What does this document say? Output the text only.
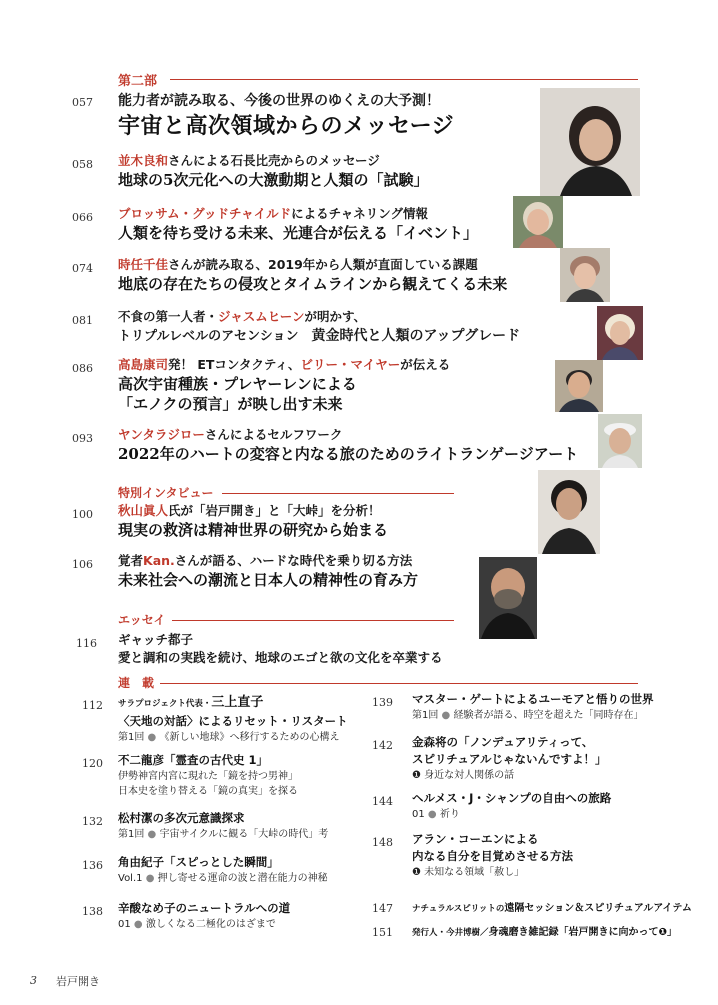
第二部
057 能力者が読み取る、今後の世界のゆくえの大予測！
宇宙と高次領域からのメッセージ
058 並木良和さんによる石長比売からのメッセージ
地球の5次元化への大激動期と人類の「試験」
066 ブロッサム・グッドチャイルドによるチャネリング情報
人類を待ち受ける未来、光連合が伝える「イベント」
074 時任千佳さんが読み取る、2019年から人類が直面している課題
地底の存在たちの侵攻とタイムラインから観えてくる未来
081 不食の第一人者・ジャスムヒーンが明かす、
トリプルレベルのアセンション　 黄金時代と人類のアップグレード
086 高島康司発！ ETコンタクティ、ビリー・マイヤーが伝える
高次宇宙種族・プレヤーレンによる
「エノクの預言」が映し出す未来
093 ヤンタラジローさんによるセルフワーク
2022年のハートの変容と内なる旅のためのライトランゲージアート
特別インタビュー
100 秋山眞人氏が「岩戸開き」と「大峠」を分析！
現実の救済は精神世界の研究から始まる
106 覚者Kan.さんが語る、ハードな時代を乗り切る方法
未来社会への潮流と日本人の精神性の育み方
エッセイ
116 ギャッチ都子
愛と調和の実践を続け、地球のエゴと欲の文化を卒業する
連　載
112 サラプロジェクト代表・三上直子
〈天地の対話〉によるリセット・リスタート
第1回 ● 《新しい地球》へ移行するための心構え
120 不二龍彦「霊査の古代史 1」
伊勢神宮内宮に現れた「鏡を持つ男神」
日本史を塗り替える「鏡の真実」を探る
132 松村潔の多次元意識探求
第1回 ● 宇宙サイクルに観る「大峠の時代」考
136 角由紀子「スピっとした瞬間」
Vol.1 ● 押し寄せる運命の波と潜在能力の神秘
138 辛酸なめ子のニュートラルへの道
01 ● 激しくなる二極化のはざまで
139 マスター・ゲートによるユーモアと悟りの世界
第1回 ● 経験者が語る、時空を超えた「同時存在」
142 金森将の「ノンデュアリティって、
スピリチュアルじゃないんですよ！」
❶ 身近な対人関係の話
144 ヘルメス・J・シャンプの自由への旅路
01 ● 祈り
148 アラン・コーエンによる
内なる自分を目覚めさせる方法
❶ 未知なる領域「赦し」
147 ナチュラルスピリットの遠隔セッション＆スピリチュアルアイテム
151 発行人・今井博樹／身魂磨き雑記録「岩戸開きに向かって❶」
3 岩戸開き
